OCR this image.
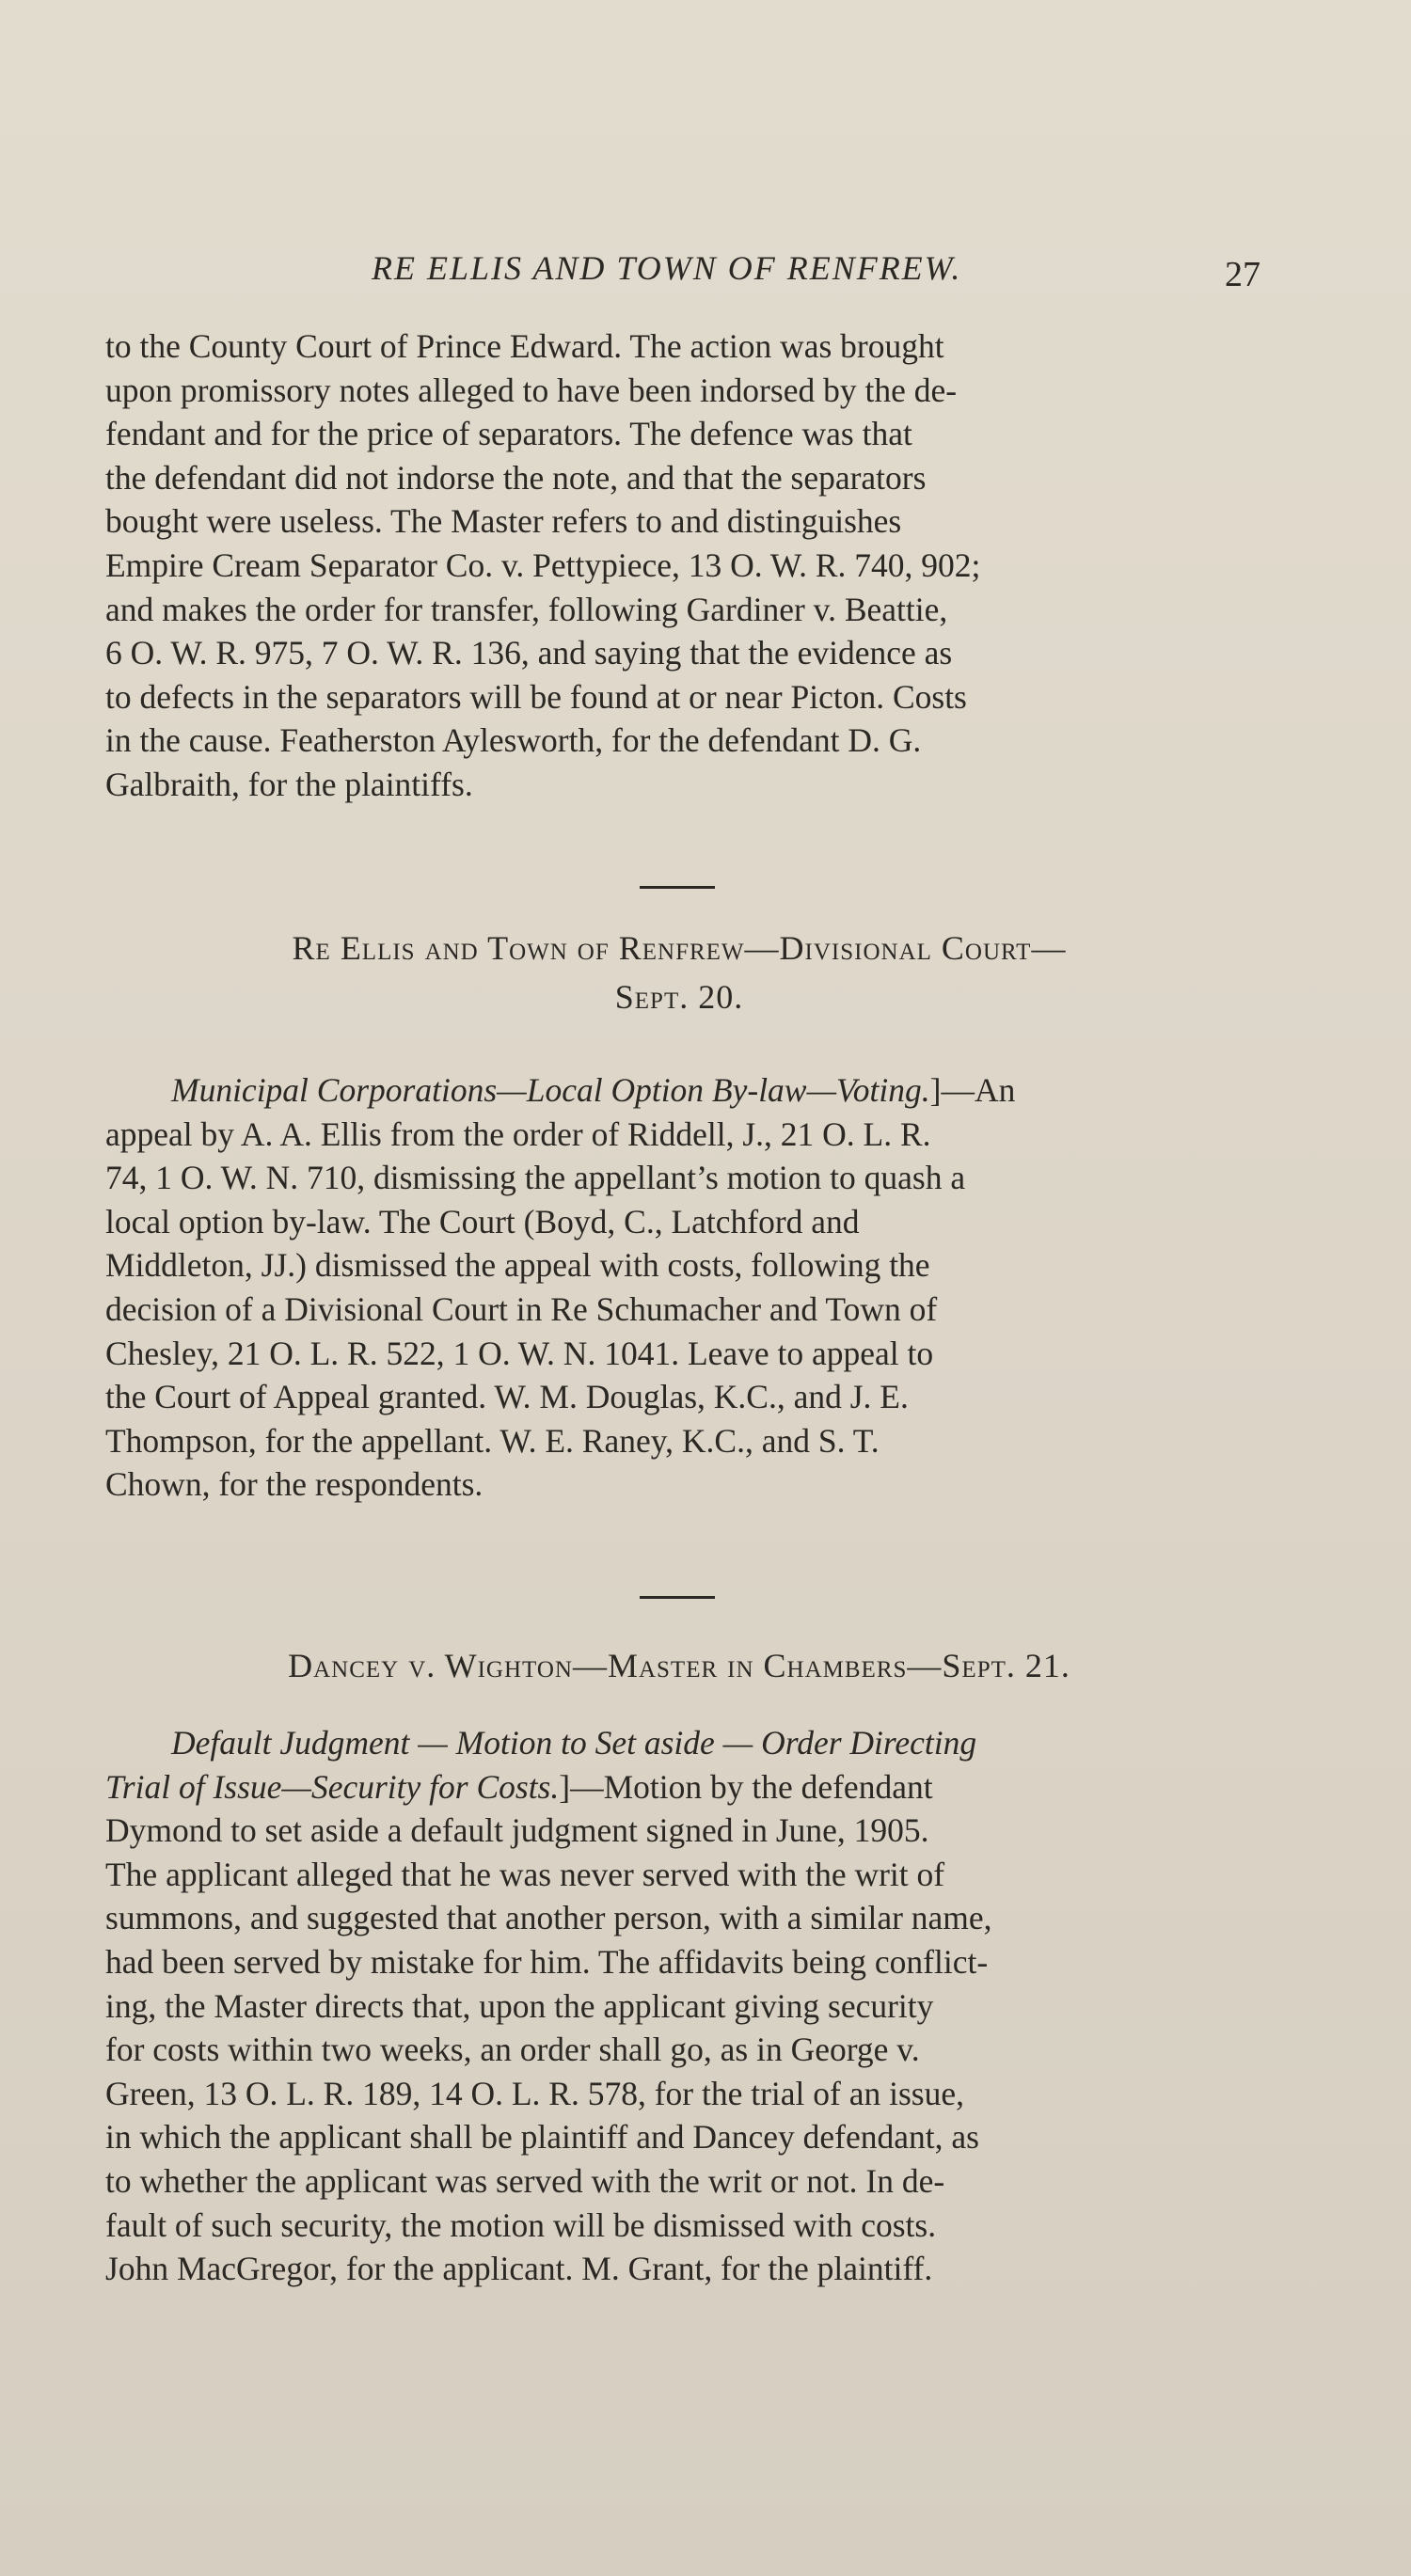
RE ELLIS AND TOWN OF RENFREW.	27

to the County Court of Prince Edward. The action was brought
upon promissory notes alleged to have been indorsed by the de-
fendant and for the price of separators. The defence was that
the defendant did not indorse the note, and that the separators
bought were useless. The Master refers to and distinguishes
Empire Cream Separator Co. v. Pettypiece, 13 O. W. R. 740, 902;
and makes the order for transfer, following Gardiner v. Beattie,
6 O. W. R. 975, 7 O. W. R. 136, and saying that the evidence as
to defects in the separators will be found at or near Picton. Costs
in the cause. Featherston Aylesworth, for the defendant D. G.
Galbraith, for the plaintiffs.

Re Ellis and Town of Renfrew—Divisional Court—
Sept. 20.

Municipal Corporations—Local Option By-law—Voting.]—An
appeal by A. A. Ellis from the order of Riddell, J., 21 O. L. R.
74, 1 O. W. N. 710, dismissing the appellant’s motion to quash a
local option by-law. The Court (Boyd, C., Latchford and
Middleton, JJ.) dismissed the appeal with costs, following the
decision of a Divisional Court in Re Schumacher and Town of
Chesley, 21 O. L. R. 522, 1 O. W. N. 1041. Leave to appeal to
the Court of Appeal granted. W. M. Douglas, K.C., and J. E.
Thompson, for the appellant. W. E. Raney, K.C., and S. T.
Chown, for the respondents.

Dancey v. Wighton—Master in Chambers—Sept. 21.

Default Judgment — Motion to Set aside — Order Directing
Trial of Issue—Security for Costs.]—Motion by the defendant
Dymond to set aside a default judgment signed in June, 1905.
The applicant alleged that he was never served with the writ of
summons, and suggested that another person, with a similar name,
had been served by mistake for him. The affidavits being conflict-
ing, the Master directs that, upon the applicant giving security
for costs within two weeks, an order shall go, as in George v.
Green, 13 O. L. R. 189, 14 O. L. R. 578, for the trial of an issue,
in which the applicant shall be plaintiff and Dancey defendant, as
to whether the applicant was served with the writ or not. In de-
fault of such security, the motion will be dismissed with costs.
John MacGregor, for the applicant. M. Grant, for the plaintiff.
